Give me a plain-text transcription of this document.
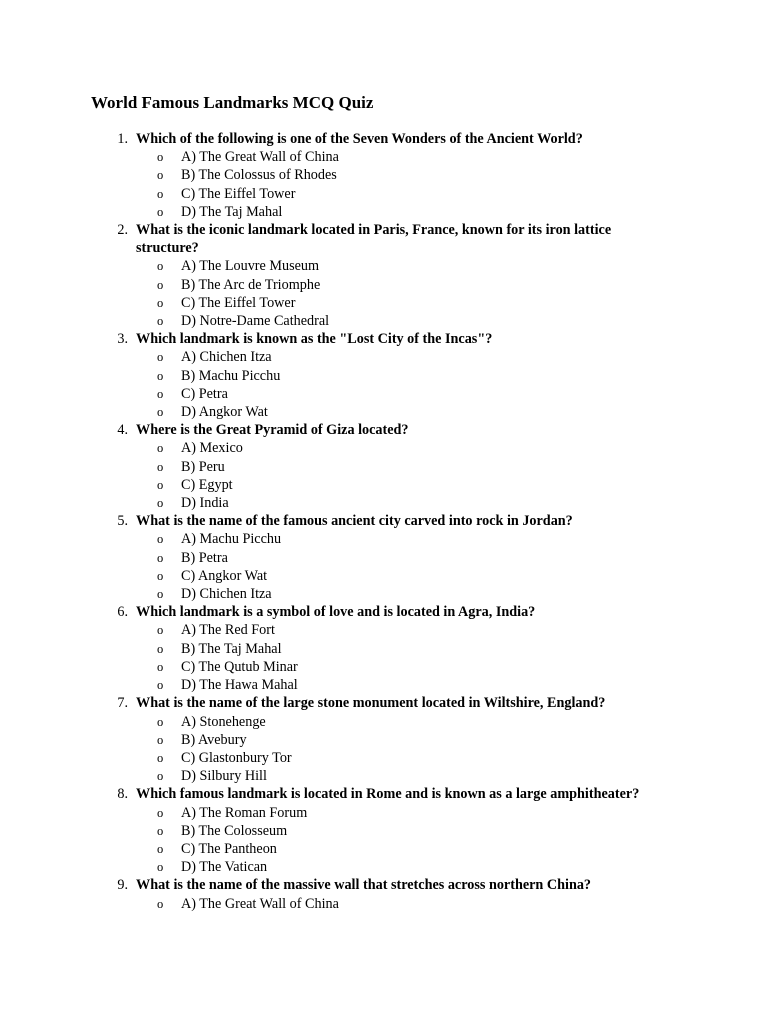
World Famous Landmarks MCQ Quiz
1. Which of the following is one of the Seven Wonders of the Ancient World?
o A) The Great Wall of China
o B) The Colossus of Rhodes
o C) The Eiffel Tower
o D) The Taj Mahal
2. What is the iconic landmark located in Paris, France, known for its iron lattice structure?
o A) The Louvre Museum
o B) The Arc de Triomphe
o C) The Eiffel Tower
o D) Notre-Dame Cathedral
3. Which landmark is known as the "Lost City of the Incas"?
o A) Chichen Itza
o B) Machu Picchu
o C) Petra
o D) Angkor Wat
4. Where is the Great Pyramid of Giza located?
o A) Mexico
o B) Peru
o C) Egypt
o D) India
5. What is the name of the famous ancient city carved into rock in Jordan?
o A) Machu Picchu
o B) Petra
o C) Angkor Wat
o D) Chichen Itza
6. Which landmark is a symbol of love and is located in Agra, India?
o A) The Red Fort
o B) The Taj Mahal
o C) The Qutub Minar
o D) The Hawa Mahal
7. What is the name of the large stone monument located in Wiltshire, England?
o A) Stonehenge
o B) Avebury
o C) Glastonbury Tor
o D) Silbury Hill
8. Which famous landmark is located in Rome and is known as a large amphitheater?
o A) The Roman Forum
o B) The Colosseum
o C) The Pantheon
o D) The Vatican
9. What is the name of the massive wall that stretches across northern China?
o A) The Great Wall of China
